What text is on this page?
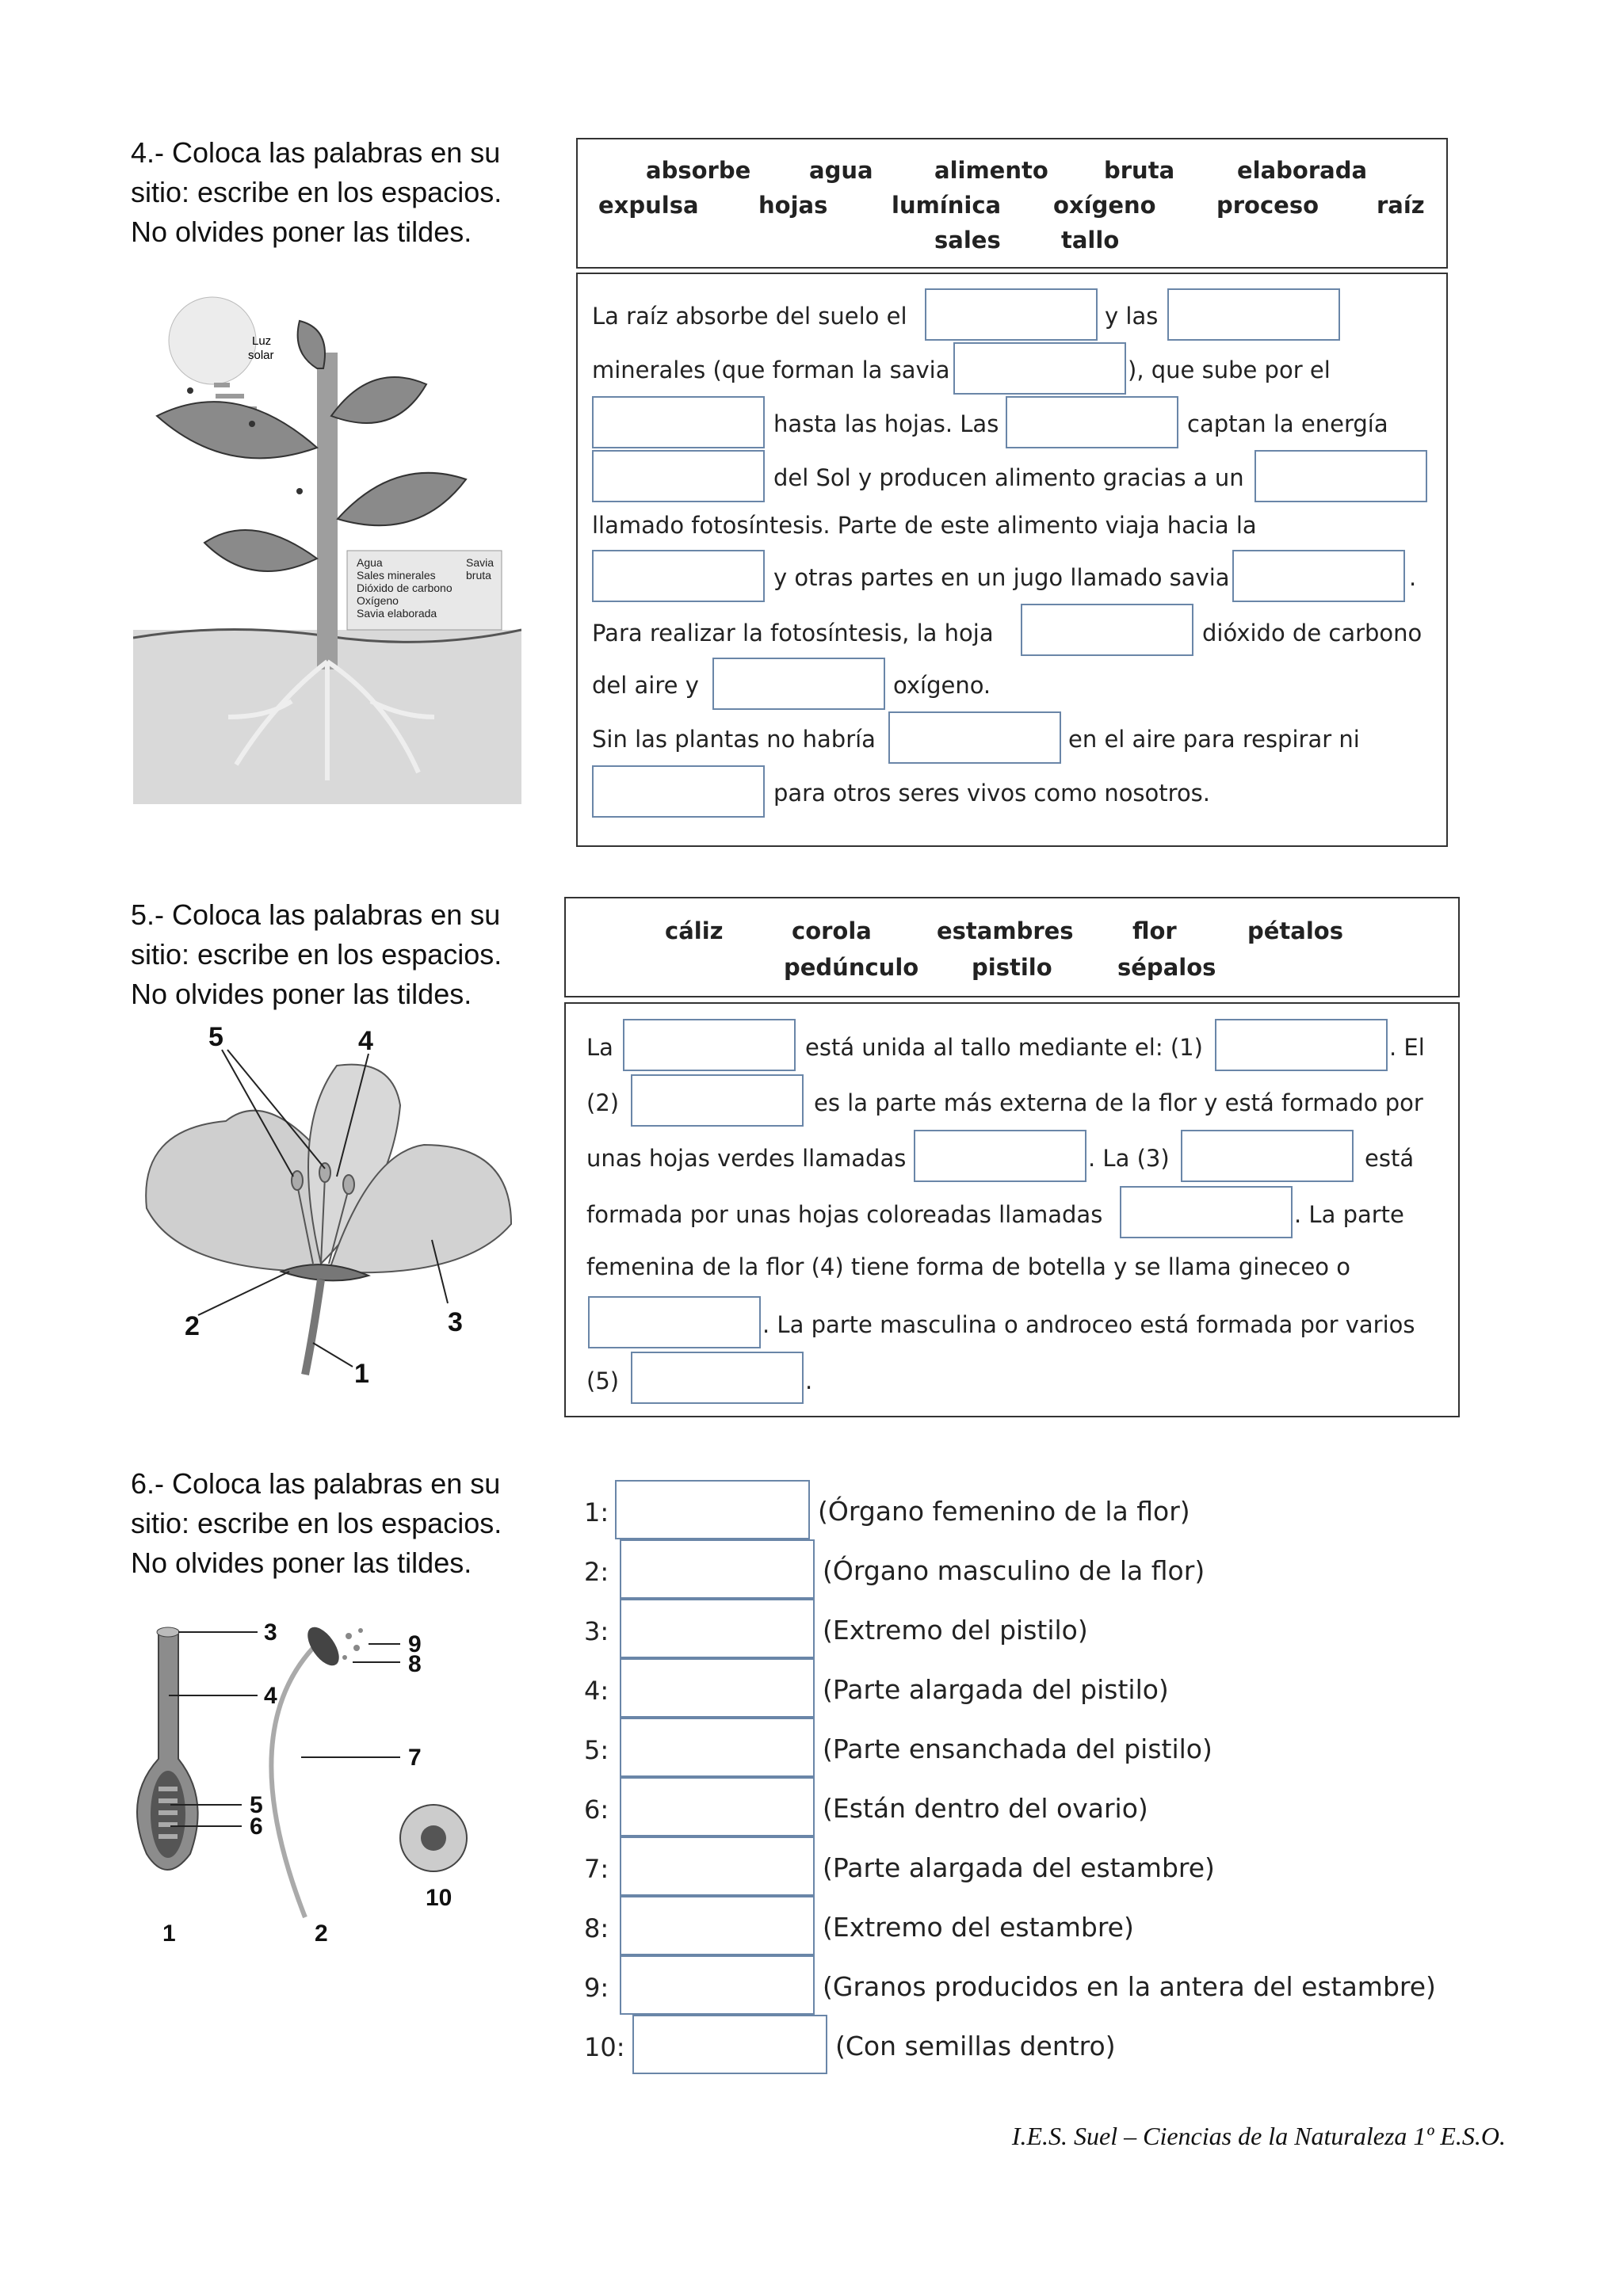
4.- Coloca las palabras en su
sitio: escribe en los espacios.
No olvides poner las tildes.
Luz
solar
Agua
Sales minerales
Dióxido de carbono
Oxígeno
Savia elaborada
Savia
bruta
absorbe	agua	alimento bruta	elaborada
expulsa	hojas	lumínica oxígeno	proceso	raíz
sales	tallo
La raíz absorbe del suelo el	y las
minerales (que forman la savia	), que sube por el
hasta las hojas. Las	captan la energía
del Sol y producen alimento gracias a un
llamado fotosíntesis. Parte de este alimento viaja hacia la
y otras partes en un jugo llamado savia	.
Para realizar la fotosíntesis, la hoja	dióxido de carbono
del aire y	oxígeno.
Sin las plantas no habría	en el aire para respirar ni
para otros seres vivos como nosotros.
5.- Coloca las palabras en su
sitio: escribe en los espacios.
No olvides poner las tildes.
5	4
2	3
1
cáliz	corola	estambres	flor	pétalos
pedúnculo pistilo	sépalos
La	está unida al tallo mediante el: (1)	. El
(2)	es la parte más externa de la flor y está formado por
unas hojas verdes llamadas	. La (3)	está
formada por unas hojas coloreadas llamadas	. La parte
femenina de la flor (4) tiene forma de botella y se llama gineceo o
. La parte masculina o androceo está formada por varios
(5)	.
6.- Coloca las palabras en su
sitio: escribe en los espacios.
No olvides poner las tildes.
3
4
5
6
1
9
8
7
2
10
1:	(Órgano femenino de la flor)
2:	(Órgano masculino de la flor)
3:	(Extremo del pistilo)
4:	(Parte alargada del pistilo)
5:	(Parte ensanchada del pistilo)
6:	(Están dentro del ovario)
7:	(Parte alargada del estambre)
8:	(Extremo del estambre)
9:	(Granos producidos en la antera del estambre)
10:	(Con semillas dentro)
I.E.S. Suel – Ciencias de la Naturaleza 1º E.S.O.
